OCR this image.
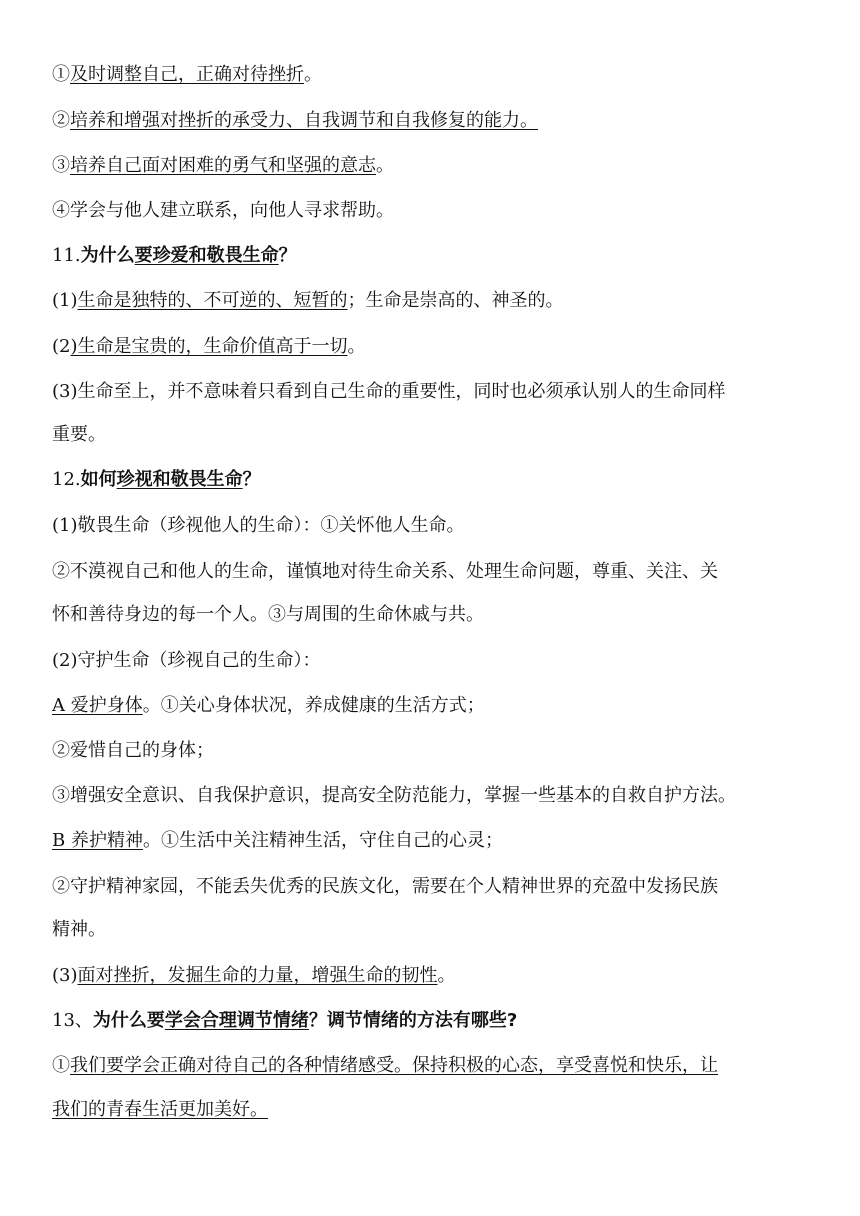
①及时调整自己，正确对待挫折。
②培养和增强对挫折的承受力、自我调节和自我修复的能力。
③培养自己面对困难的勇气和坚强的意志。
④学会与他人建立联系，向他人寻求帮助。
11.为什么要珍爱和敬畏生命？
(1)生命是独特的、不可逆的、短暂的；生命是崇高的、神圣的。
(2)生命是宝贵的，生命价值高于一切。
(3)生命至上，并不意味着只看到自己生命的重要性，同时也必须承认别人的生命同样
重要。
12.如何珍视和敬畏生命？
(1)敬畏生命（珍视他人的生命）：①关怀他人生命。
②不漠视自己和他人的生命，谨慎地对待生命关系、处理生命问题，尊重、关注、关
怀和善待身边的每一个人。③与周围的生命休戚与共。
(2)守护生命（珍视自己的生命）：
A 爱护身体。①关心身体状况，养成健康的生活方式；
②爱惜自己的身体；
③增强安全意识、自我保护意识，提高安全防范能力，掌握一些基本的自救自护方法。
B 养护精神。①生活中关注精神生活，守住自己的心灵；
②守护精神家园，不能丢失优秀的民族文化，需要在个人精神世界的充盈中发扬民族
精神。
(3)面对挫折，发掘生命的力量，增强生命的韧性。
13、为什么要学会合理调节情绪？调节情绪的方法有哪些?
①我们要学会正确对待自己的各种情绪感受。保持积极的心态，享受喜悦和快乐，让
我们的青春生活更加美好。
